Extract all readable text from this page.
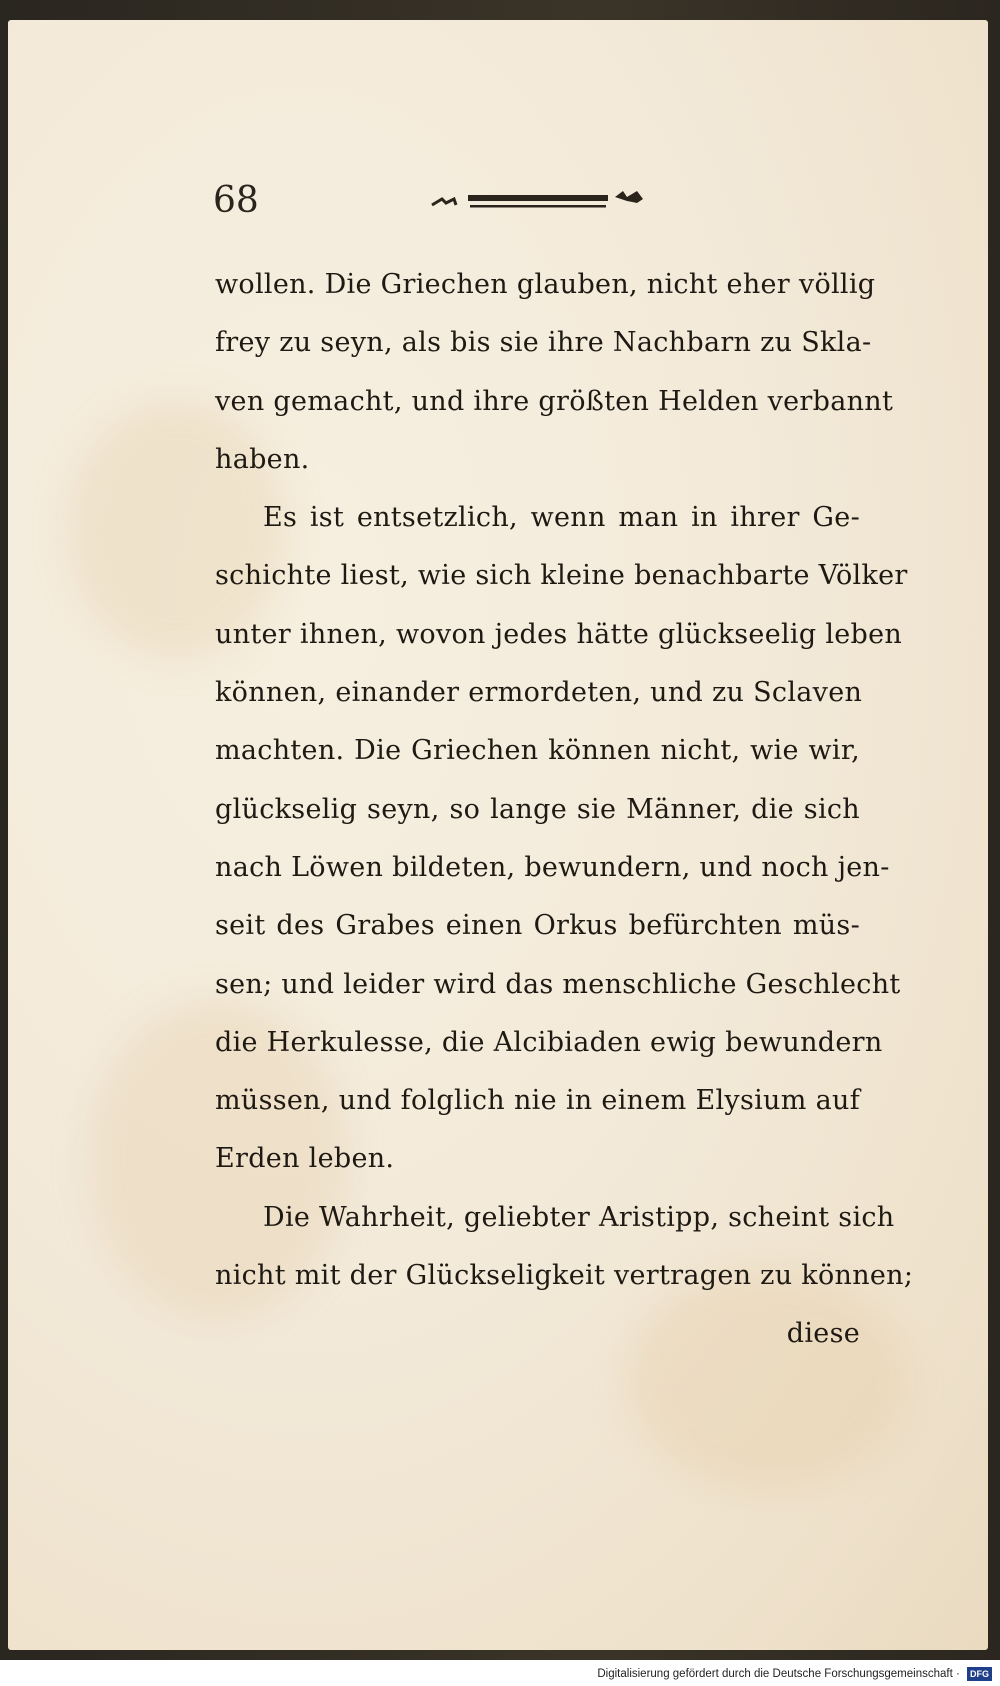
68
wollen. Die Griechen glauben, nicht eher völlig
frey zu seyn, als bis sie ihre Nachbarn zu Skla-
ven gemacht, und ihre größten Helden verbannt
haben.
Es ist entsetzlich, wenn man in ihrer Ge-
schichte liest, wie sich kleine benachbarte Völker
unter ihnen, wovon jedes hätte glückseelig leben
können, einander ermordeten, und zu Sclaven
machten. Die Griechen können nicht, wie wir,
glückselig seyn, so lange sie Männer, die sich
nach Löwen bildeten, bewundern, und noch jen-
seit des Grabes einen Orkus befürchten müs-
sen; und leider wird das menschliche Geschlecht
die Herkulesse, die Alcibiaden ewig bewundern
müssen, und folglich nie in einem Elysium auf
Erden leben.
Die Wahrheit, geliebter Aristipp, scheint sich
nicht mit der Glückseligkeit vertragen zu können;
diese
Digitalisierung gefördert durch die Deutsche Forschungsgemeinschaft · DFG
